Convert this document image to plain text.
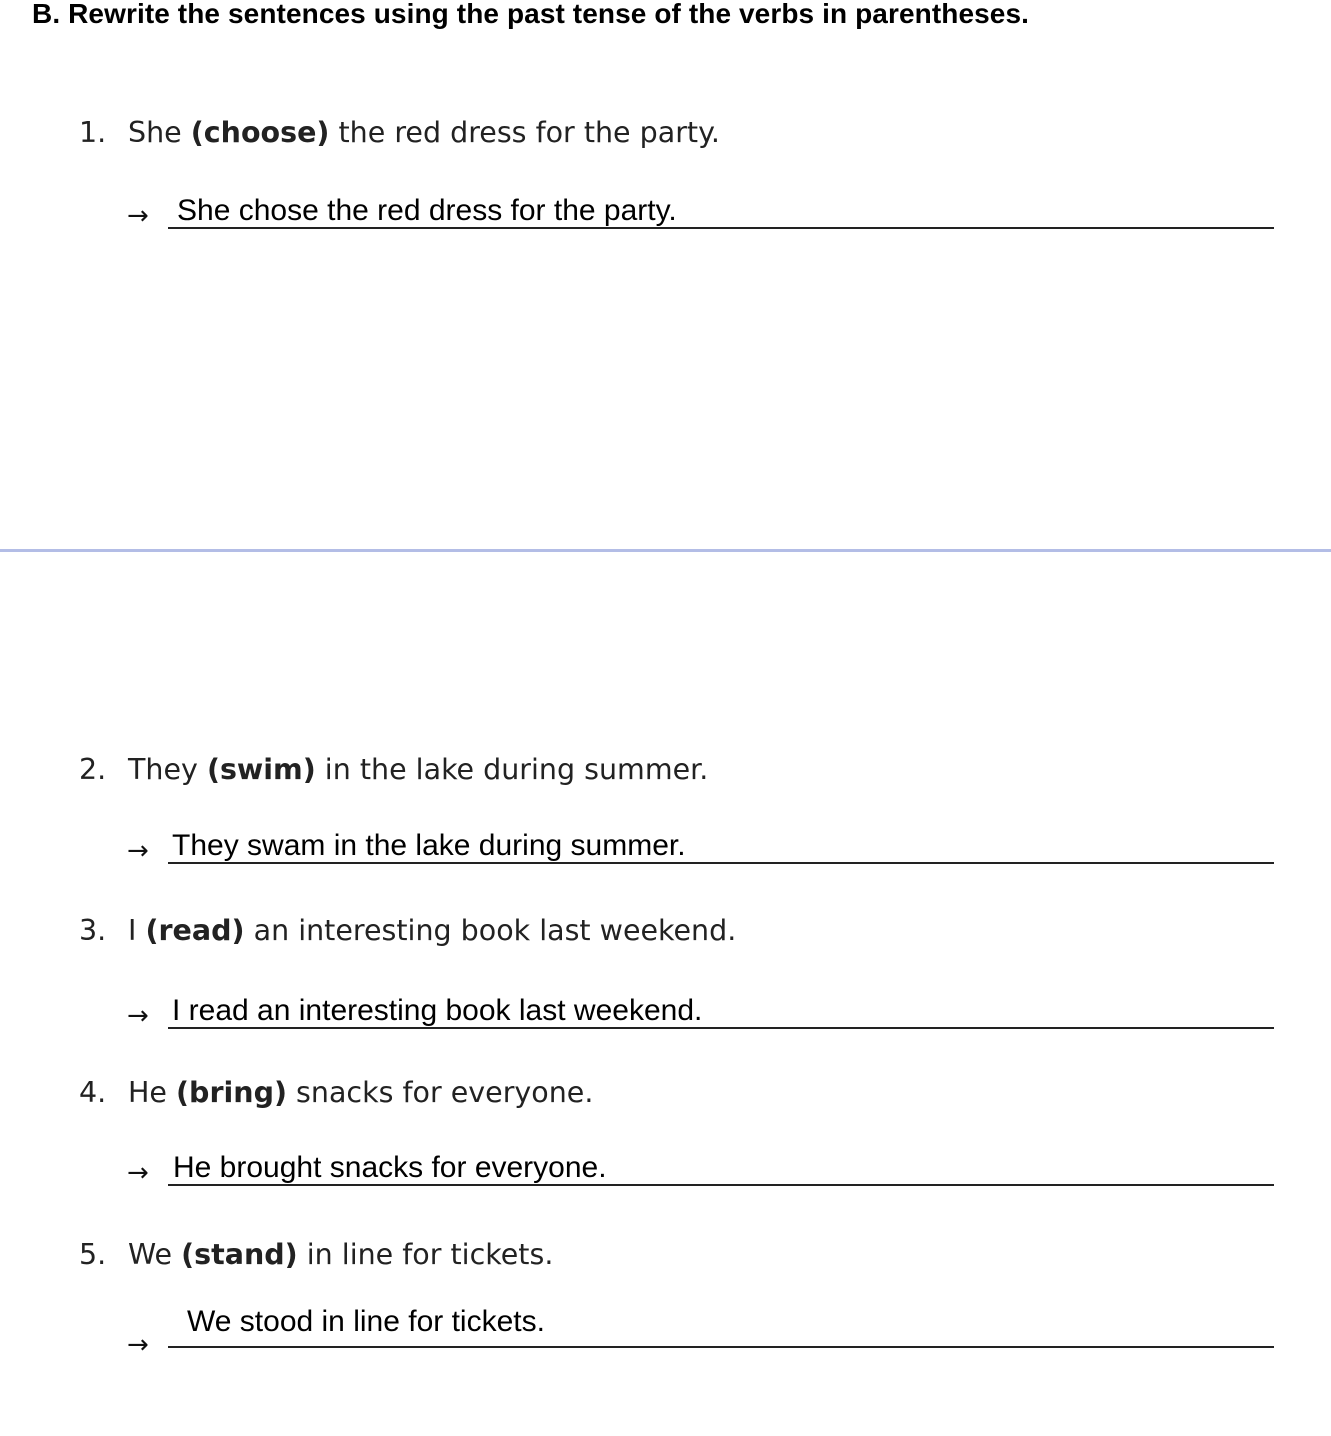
B. Rewrite the sentences using the past tense of the verbs in parentheses.
1. She (choose) the red dress for the party.
→ She chose the red dress for the party.
2. They (swim) in the lake during summer.
→ They swam in the lake during summer.
3. I (read) an interesting book last weekend.
→ I read an interesting book last weekend.
4. He (bring) snacks for everyone.
→ He brought snacks for everyone.
5. We (stand) in line for tickets.
→
We stood in line for tickets.
